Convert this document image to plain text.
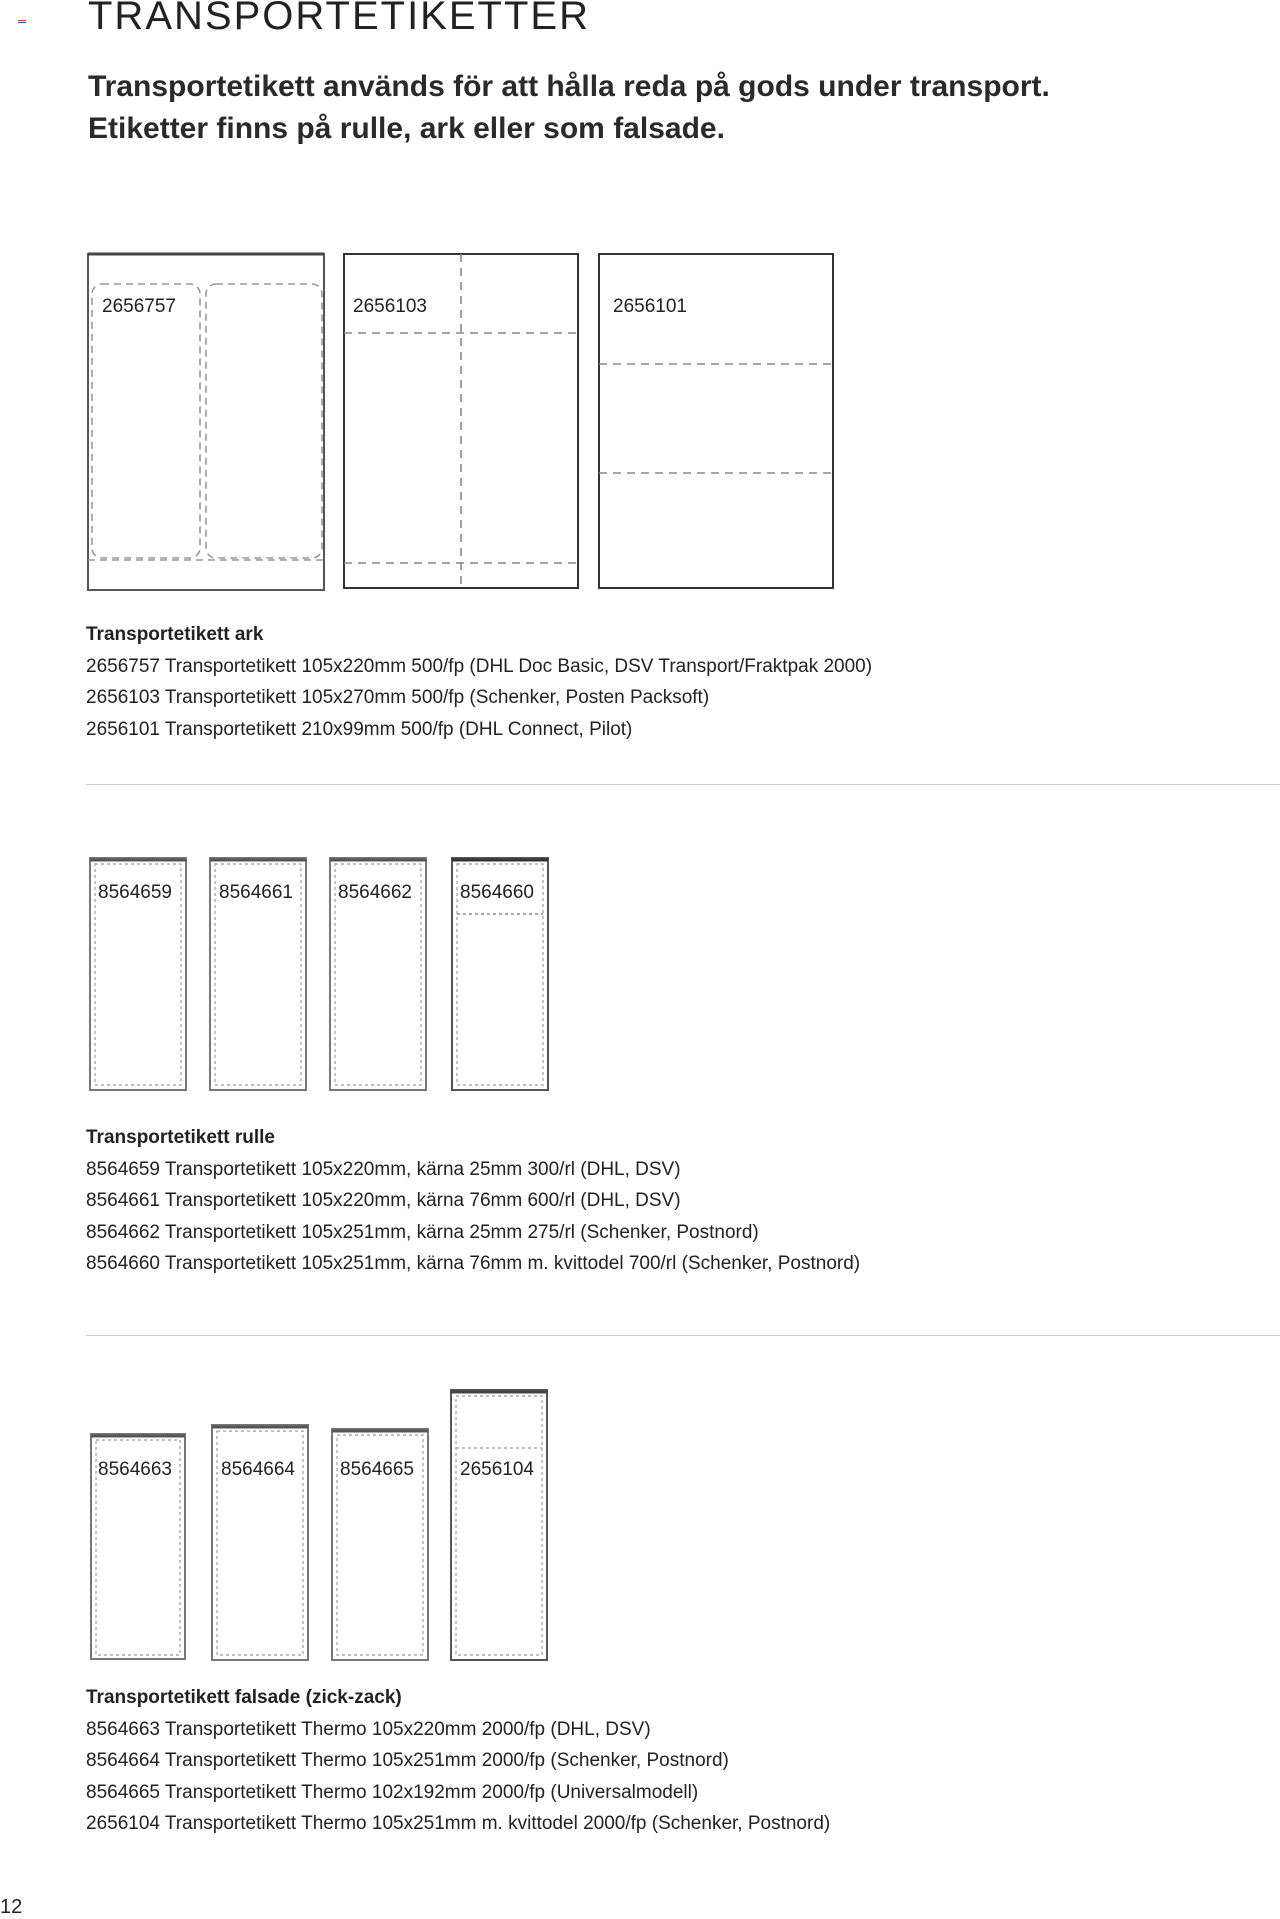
TRANSPORTETIKETTER
Transportetikett används för att hålla reda på gods under transport.
Etiketter finns på rulle, ark eller som falsade.
2656757	2656103	2656101
8564659 8564661 8564662	8564660
8564663	8564664 8564665 2656104
Transportetikett ark

2656757 Transportetikett 105x220mm 500/fp (DHL Doc Basic, DSV Transport/Fraktpak 2000)

2656103 Transportetikett 105x270mm 500/fp (Schenker, Posten Packsoft)

2656101 Transportetikett 210x99mm 500/fp (DHL Connect, Pilot)

Transportetikett rulle

8564659 Transportetikett 105x220mm, kärna 25mm 300/rl (DHL, DSV)

8564661 Transportetikett 105x220mm, kärna 76mm 600/rl (DHL, DSV)

8564662 Transportetikett 105x251mm, kärna 25mm 275/rl (Schenker, Postnord)

8564660 Transportetikett 105x251mm, kärna 76mm m. kvittodel 700/rl (Schenker, Postnord)

Transportetikett falsade (zick-zack)

8564663 Transportetikett Thermo 105x220mm 2000/fp (DHL, DSV)

8564664 Transportetikett Thermo 105x251mm 2000/fp (Schenker, Postnord)

8564665 Transportetikett Thermo 102x192mm 2000/fp (Universalmodell)

2656104 Transportetikett Thermo 105x251mm m. kvittodel 2000/fp (Schenker, Postnord)

12
